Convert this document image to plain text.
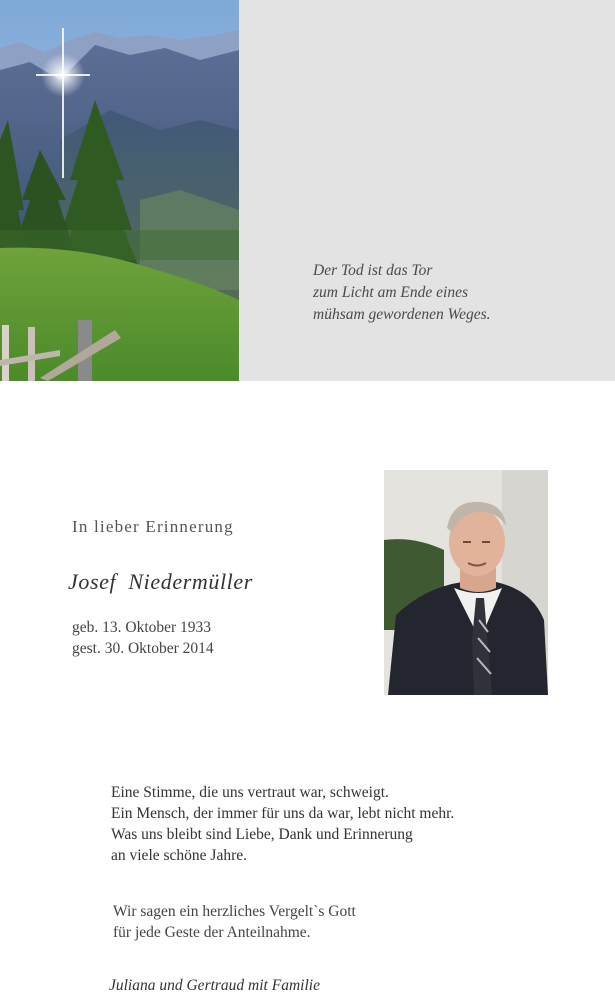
Der Tod ist das Tor
zum Licht am Ende eines
mühsam gewordenen Weges.
In lieber Erinnerung
Josef  Niedermüller
geb. 13. Oktober 1933
gest. 30. Oktober 2014
Eine Stimme, die uns vertraut war, schweigt.
Ein Mensch, der immer für uns da war, lebt nicht mehr.
Was uns bleibt sind Liebe, Dank und Erinnerung
an viele schöne Jahre.
Wir sagen ein herzliches Vergelt`s Gott
für jede Geste der Anteilnahme.
Juliana und Gertraud mit Familie
